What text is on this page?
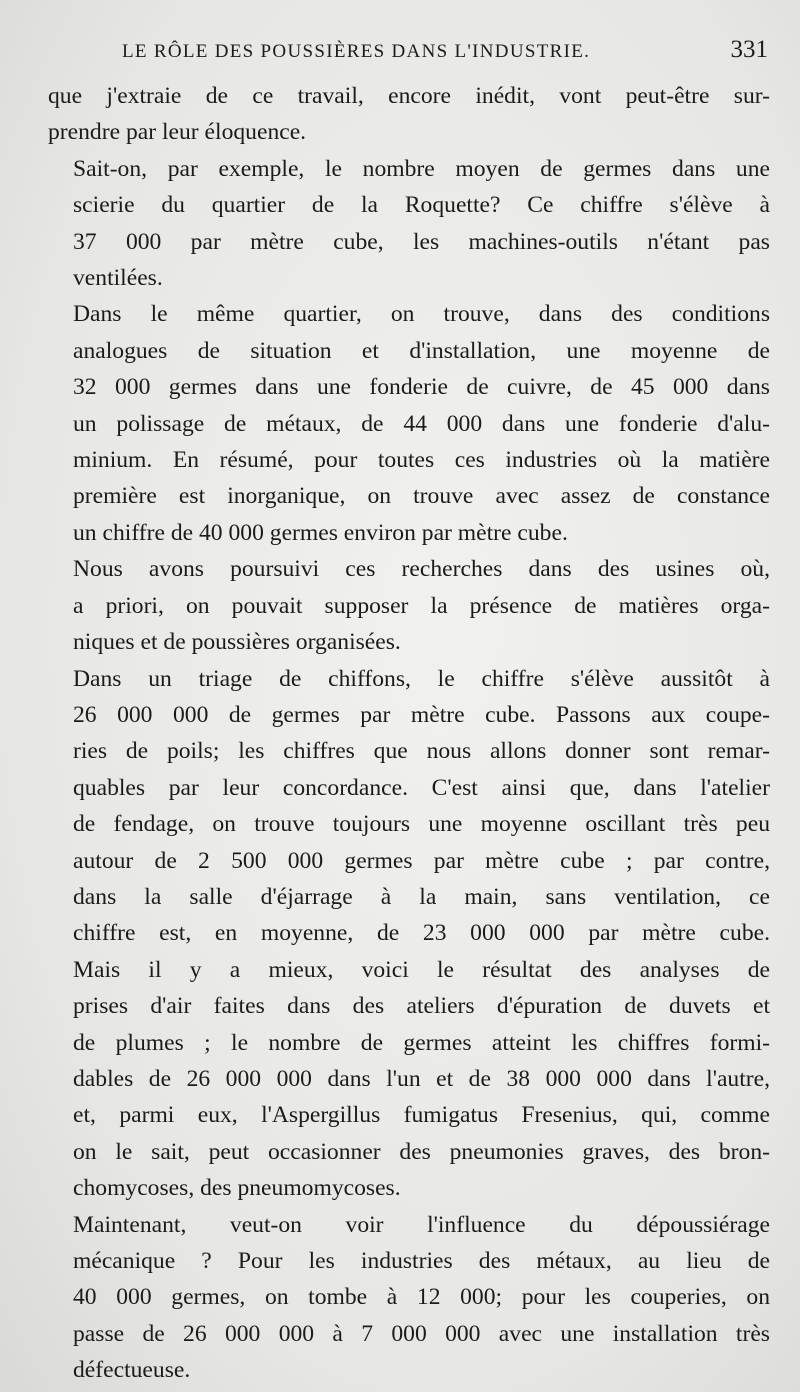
LE RÔLE DES POUSSIÈRES DANS L'INDUSTRIE.	331

que j'extraie de ce travail, encore inédit, vont peut-être sur-
prendre par leur éloquence.

Sait-on, par exemple, le nombre moyen de germes dans une
scierie du quartier de la Roquette? Ce chiffre s'élève à
37 000 par mètre cube, les machines-outils n'étant pas
ventilées.

Dans le même quartier, on trouve, dans des conditions
analogues de situation et d'installation, une moyenne de
32 000 germes dans une fonderie de cuivre, de 45 000 dans
un polissage de métaux, de 44 000 dans une fonderie d'alu-
minium. En résumé, pour toutes ces industries où la matière
première est inorganique, on trouve avec assez de constance
un chiffre de 40 000 germes environ par mètre cube.

Nous avons poursuivi ces recherches dans des usines où,
a priori, on pouvait supposer la présence de matières orga-
niques et de poussières organisées.

Dans un triage de chiffons, le chiffre s'élève aussitôt à
26 000 000 de germes par mètre cube. Passons aux coupe-
ries de poils; les chiffres que nous allons donner sont remar-
quables par leur concordance. C'est ainsi que, dans l'atelier
de fendage, on trouve toujours une moyenne oscillant très peu
autour de 2 500 000 germes par mètre cube ; par contre,
dans la salle d'éjarrage à la main, sans ventilation, ce
chiffre est, en moyenne, de 23 000 000 par mètre cube.
Mais il y a mieux, voici le résultat des analyses de
prises d'air faites dans des ateliers d'épuration de duvets et
de plumes ; le nombre de germes atteint les chiffres formi-
dables de 26 000 000 dans l'un et de 38 000 000 dans l'autre,
et, parmi eux, l'Aspergillus fumigatus Fresenius, qui, comme
on le sait, peut occasionner des pneumonies graves, des bron-
chomycoses, des pneumomycoses.

Maintenant, veut-on voir l'influence du dépoussiérage
mécanique ? Pour les industries des métaux, au lieu de
40 000 germes, on tombe à 12 000; pour les couperies, on
passe de 26 000 000 à 7 000 000 avec une installation très
défectueuse.
